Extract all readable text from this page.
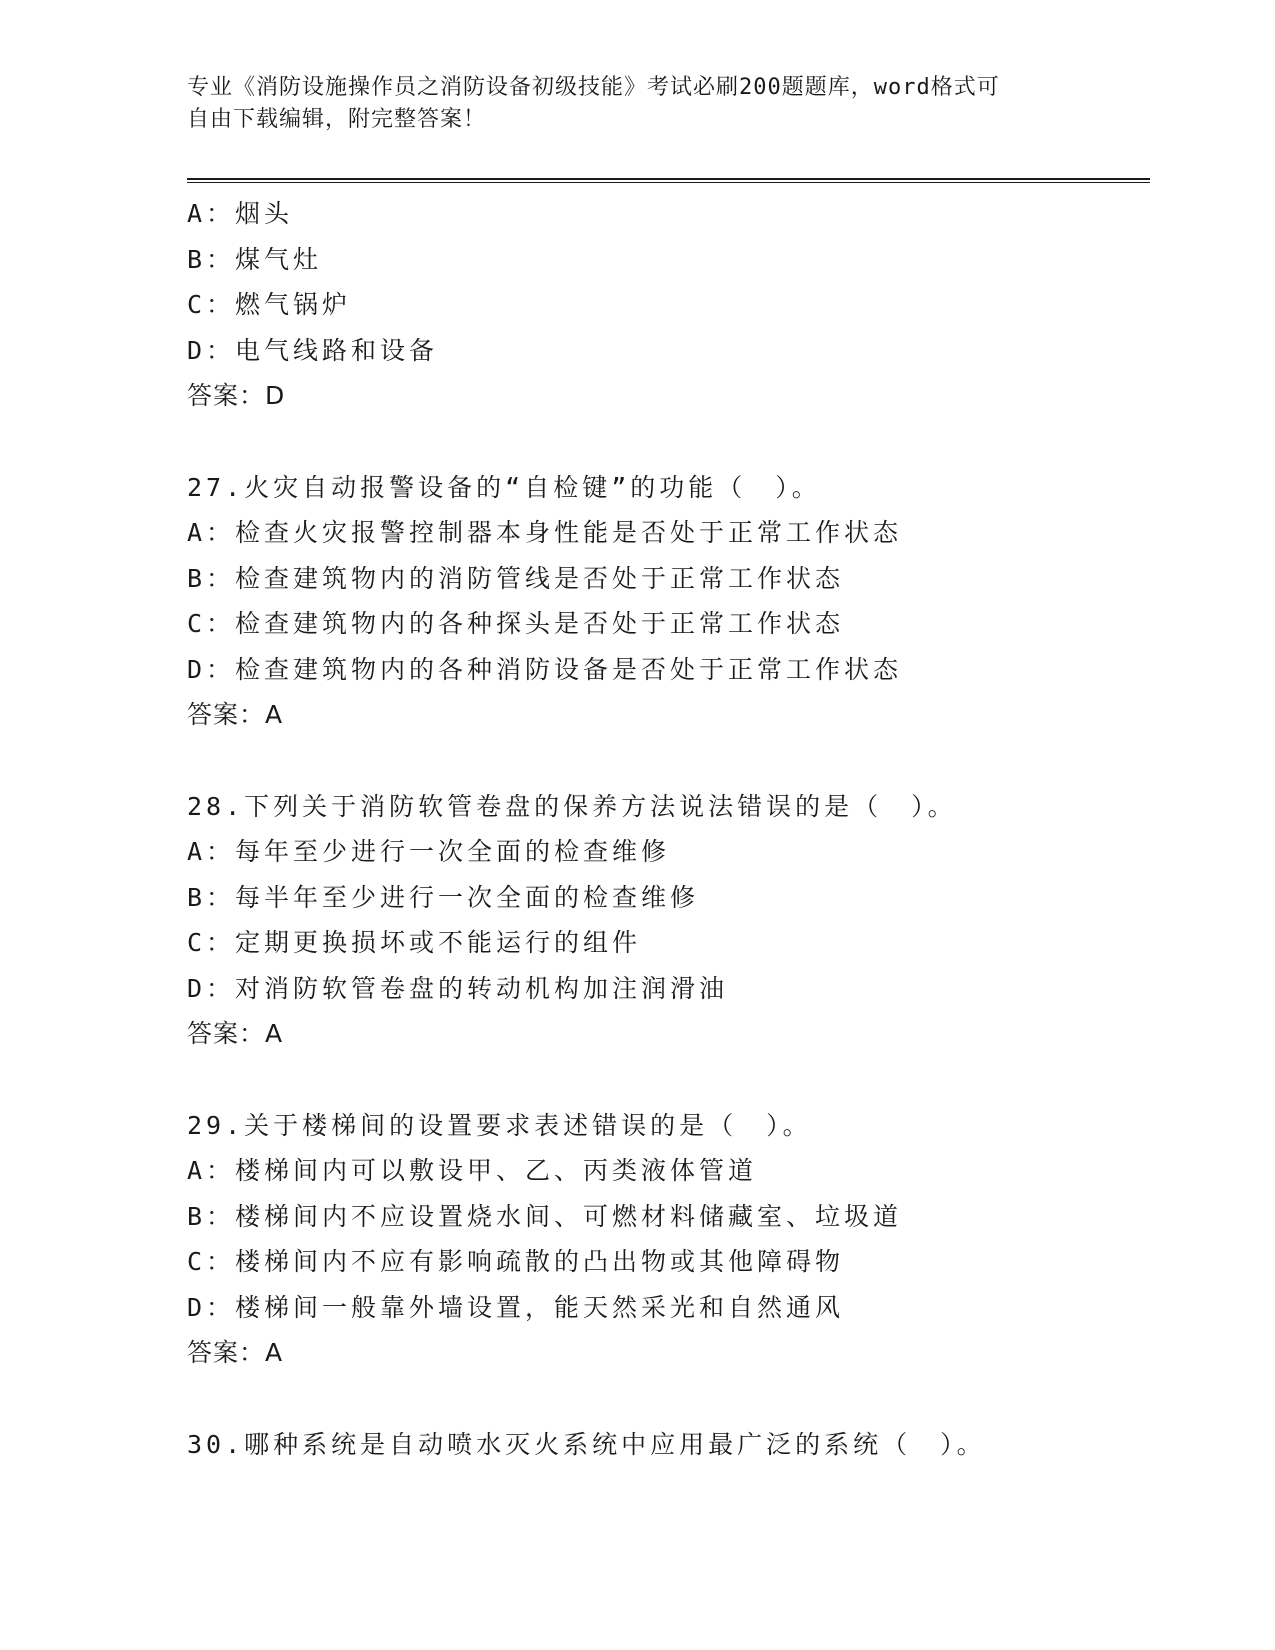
专业《消防设施操作员之消防设备初级技能》考试必刷200题题库，word格式可
自由下载编辑，附完整答案！
A：烟头
B：煤气灶
C：燃气锅炉
D：电气线路和设备
答案：D
27.火灾自动报警设备的“自检键”的功能（　）。
A：检查火灾报警控制器本身性能是否处于正常工作状态
B：检查建筑物内的消防管线是否处于正常工作状态
C：检查建筑物内的各种探头是否处于正常工作状态
D：检查建筑物内的各种消防设备是否处于正常工作状态
答案：A
28.下列关于消防软管卷盘的保养方法说法错误的是（　）。
A：每年至少进行一次全面的检查维修
B：每半年至少进行一次全面的检查维修
C：定期更换损坏或不能运行的组件
D：对消防软管卷盘的转动机构加注润滑油
答案：A
29.关于楼梯间的设置要求表述错误的是（　）。
A：楼梯间内可以敷设甲、乙、丙类液体管道
B：楼梯间内不应设置烧水间、可燃材料储藏室、垃圾道
C：楼梯间内不应有影响疏散的凸出物或其他障碍物
D：楼梯间一般靠外墙设置，能天然采光和自然通风
答案：A
30.哪种系统是自动喷水灭火系统中应用最广泛的系统（　）。
